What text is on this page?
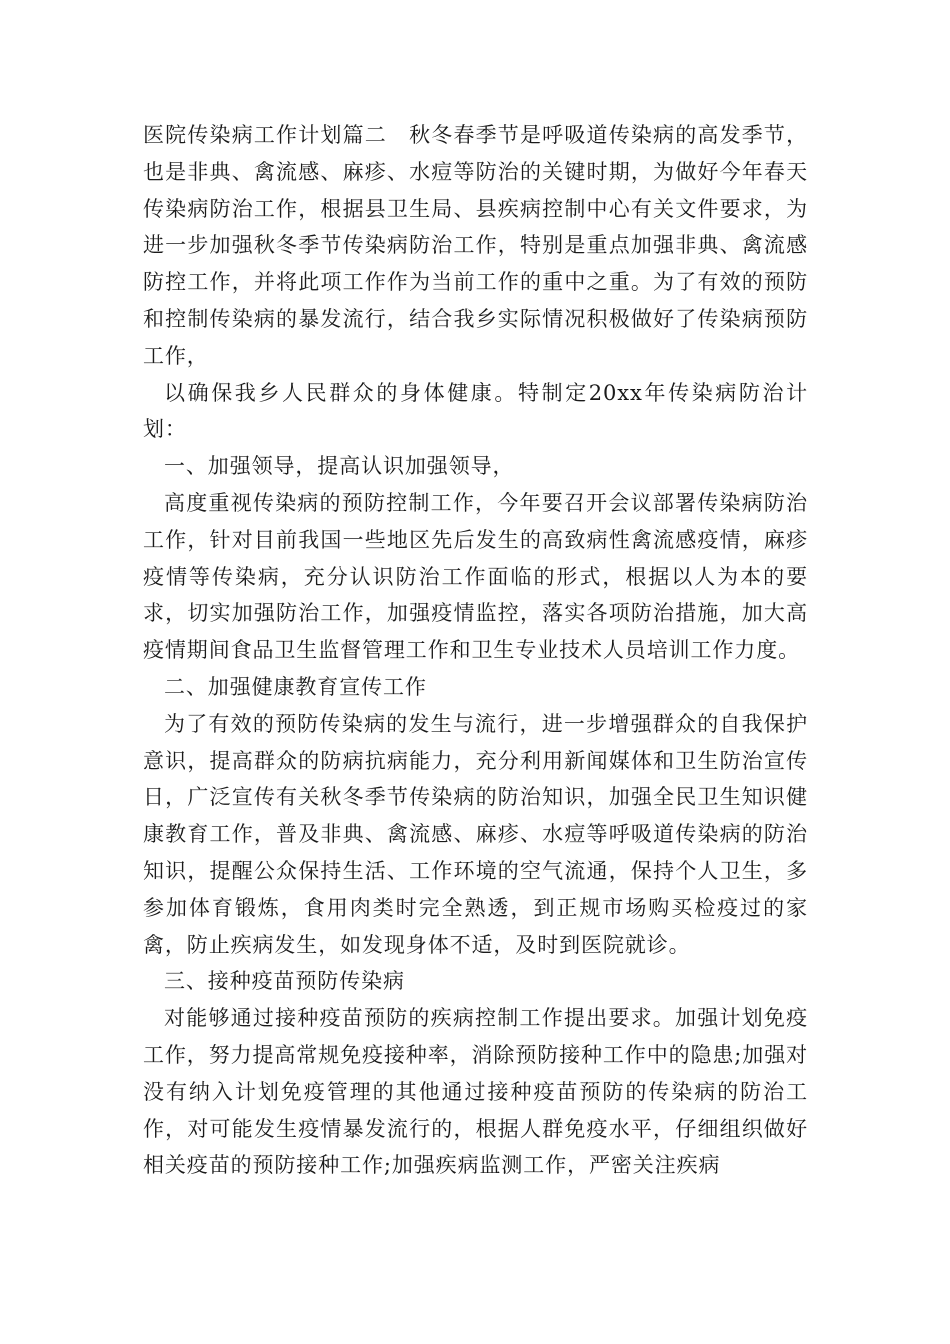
医院传染病工作计划篇二　秋冬春季节是呼吸道传染病的高发季节，也是非典、禽流感、麻疹、水痘等防治的关键时期，为做好今年春天传染病防治工作，根据县卫生局、县疾病控制中心有关文件要求，为进一步加强秋冬季节传染病防治工作，特别是重点加强非典、禽流感防控工作，并将此项工作作为当前工作的重中之重。为了有效的预防和控制传染病的暴发流行，结合我乡实际情况积极做好了传染病预防工作，

以确保我乡人民群众的身体健康。特制定20xx年传染病防治计划：

一、加强领导，提高认识加强领导，

高度重视传染病的预防控制工作，今年要召开会议部署传染病防治工作，针对目前我国一些地区先后发生的高致病性禽流感疫情，麻疹疫情等传染病，充分认识防治工作面临的形式，根据以人为本的要求，切实加强防治工作，加强疫情监控，落实各项防治措施，加大高疫情期间食品卫生监督管理工作和卫生专业技术人员培训工作力度。

二、加强健康教育宣传工作

为了有效的预防传染病的发生与流行，进一步增强群众的自我保护意识，提高群众的防病抗病能力，充分利用新闻媒体和卫生防治宣传日，广泛宣传有关秋冬季节传染病的防治知识，加强全民卫生知识健康教育工作，普及非典、禽流感、麻疹、水痘等呼吸道传染病的防治知识，提醒公众保持生活、工作环境的空气流通，保持个人卫生，多参加体育锻炼，食用肉类时完全熟透，到正规市场购买检疫过的家禽，防止疾病发生，如发现身体不适，及时到医院就诊。

三、接种疫苗预防传染病

对能够通过接种疫苗预防的疾病控制工作提出要求。加强计划免疫工作，努力提高常规免疫接种率，消除预防接种工作中的隐患;加强对没有纳入计划免疫管理的其他通过接种疫苗预防的传染病的防治工作，对可能发生疫情暴发流行的，根据人群免疫水平，仔细组织做好相关疫苗的预防接种工作;加强疾病监测工作，严密关注疾病
